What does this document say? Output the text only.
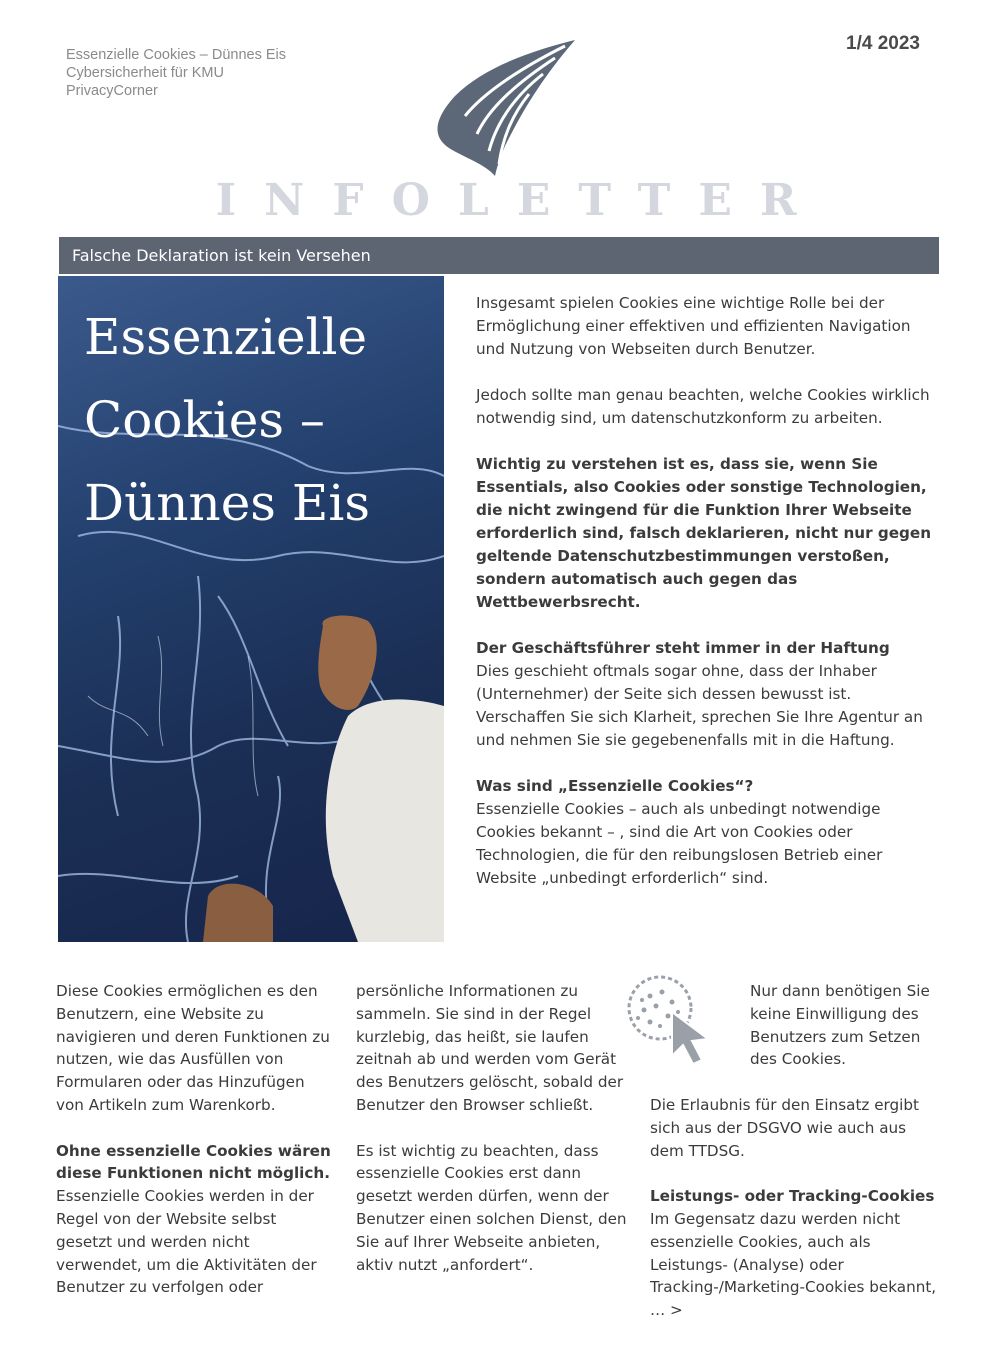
Essenzielle Cookies – Dünnes Eis
Cybersicherheit für KMU
PrivacyCorner
1/4 2023
INFOLETTER
Falsche Deklaration ist kein Versehen
Essenzielle
Cookies –
Dünnes Eis

Insgesamt spielen Cookies eine wichtige Rolle bei der Ermöglichung einer effektiven und effizienten Navigation und Nutzung von Webseiten durch Benutzer.

Jedoch sollte man genau beachten, welche Cookies wirklich notwendig sind, um datenschutzkonform zu arbeiten.

Wichtig zu verstehen ist es, dass sie, wenn Sie Essentials, also Cookies oder sonstige Technologien, die nicht zwingend für die Funktion Ihrer Webseite erforderlich sind, falsch deklarieren, nicht nur gegen geltende Datenschutzbestimmungen verstoßen, sondern automatisch auch gegen das Wettbewerbsrecht.

Der Geschäftsführer steht immer in der Haftung
Dies geschieht oftmals sogar ohne, dass der Inhaber (Unternehmer) der Seite sich dessen bewusst ist. Verschaffen Sie sich Klarheit, sprechen Sie Ihre Agentur an und nehmen Sie sie gegebenenfalls mit in die Haftung.

Was sind „Essenzielle Cookies“?
Essenzielle Cookies – auch als unbedingt notwendige Cookies bekannt – , sind die Art von Cookies oder Technologien, die für den reibungslosen Betrieb einer Website „unbedingt erforderlich“ sind.

Diese Cookies ermöglichen es den Benutzern, eine Website zu navigieren und deren Funktionen zu nutzen, wie das Ausfüllen von Formularen oder das Hinzufügen von Artikeln zum Warenkorb.

Ohne essenzielle Cookies wären diese Funktionen nicht möglich.
Essenzielle Cookies werden in der Regel von der Website selbst gesetzt und werden nicht verwendet, um die Aktivitäten der Benutzer zu verfolgen oder

persönliche Informationen zu sammeln. Sie sind in der Regel kurzlebig, das heißt, sie laufen zeitnah ab und werden vom Gerät des Benutzers gelöscht, sobald der Benutzer den Browser schließt.

Es ist wichtig zu beachten, dass essenzielle Cookies erst dann gesetzt werden dürfen, wenn der Benutzer einen solchen Dienst, den Sie auf Ihrer Webseite anbieten, aktiv nutzt „anfordert“.

Nur dann benötigen Sie keine Einwilligung des Benutzers zum Setzen des Cookies.

Die Erlaubnis für den Einsatz ergibt sich aus der DSGVO wie auch aus dem TTDSG.

Leistungs- oder Tracking-Cookies
Im Gegensatz dazu werden nicht essenzielle Cookies, auch als Leistungs- (Analyse) oder Tracking-/Marketing-Cookies bekannt, … >
